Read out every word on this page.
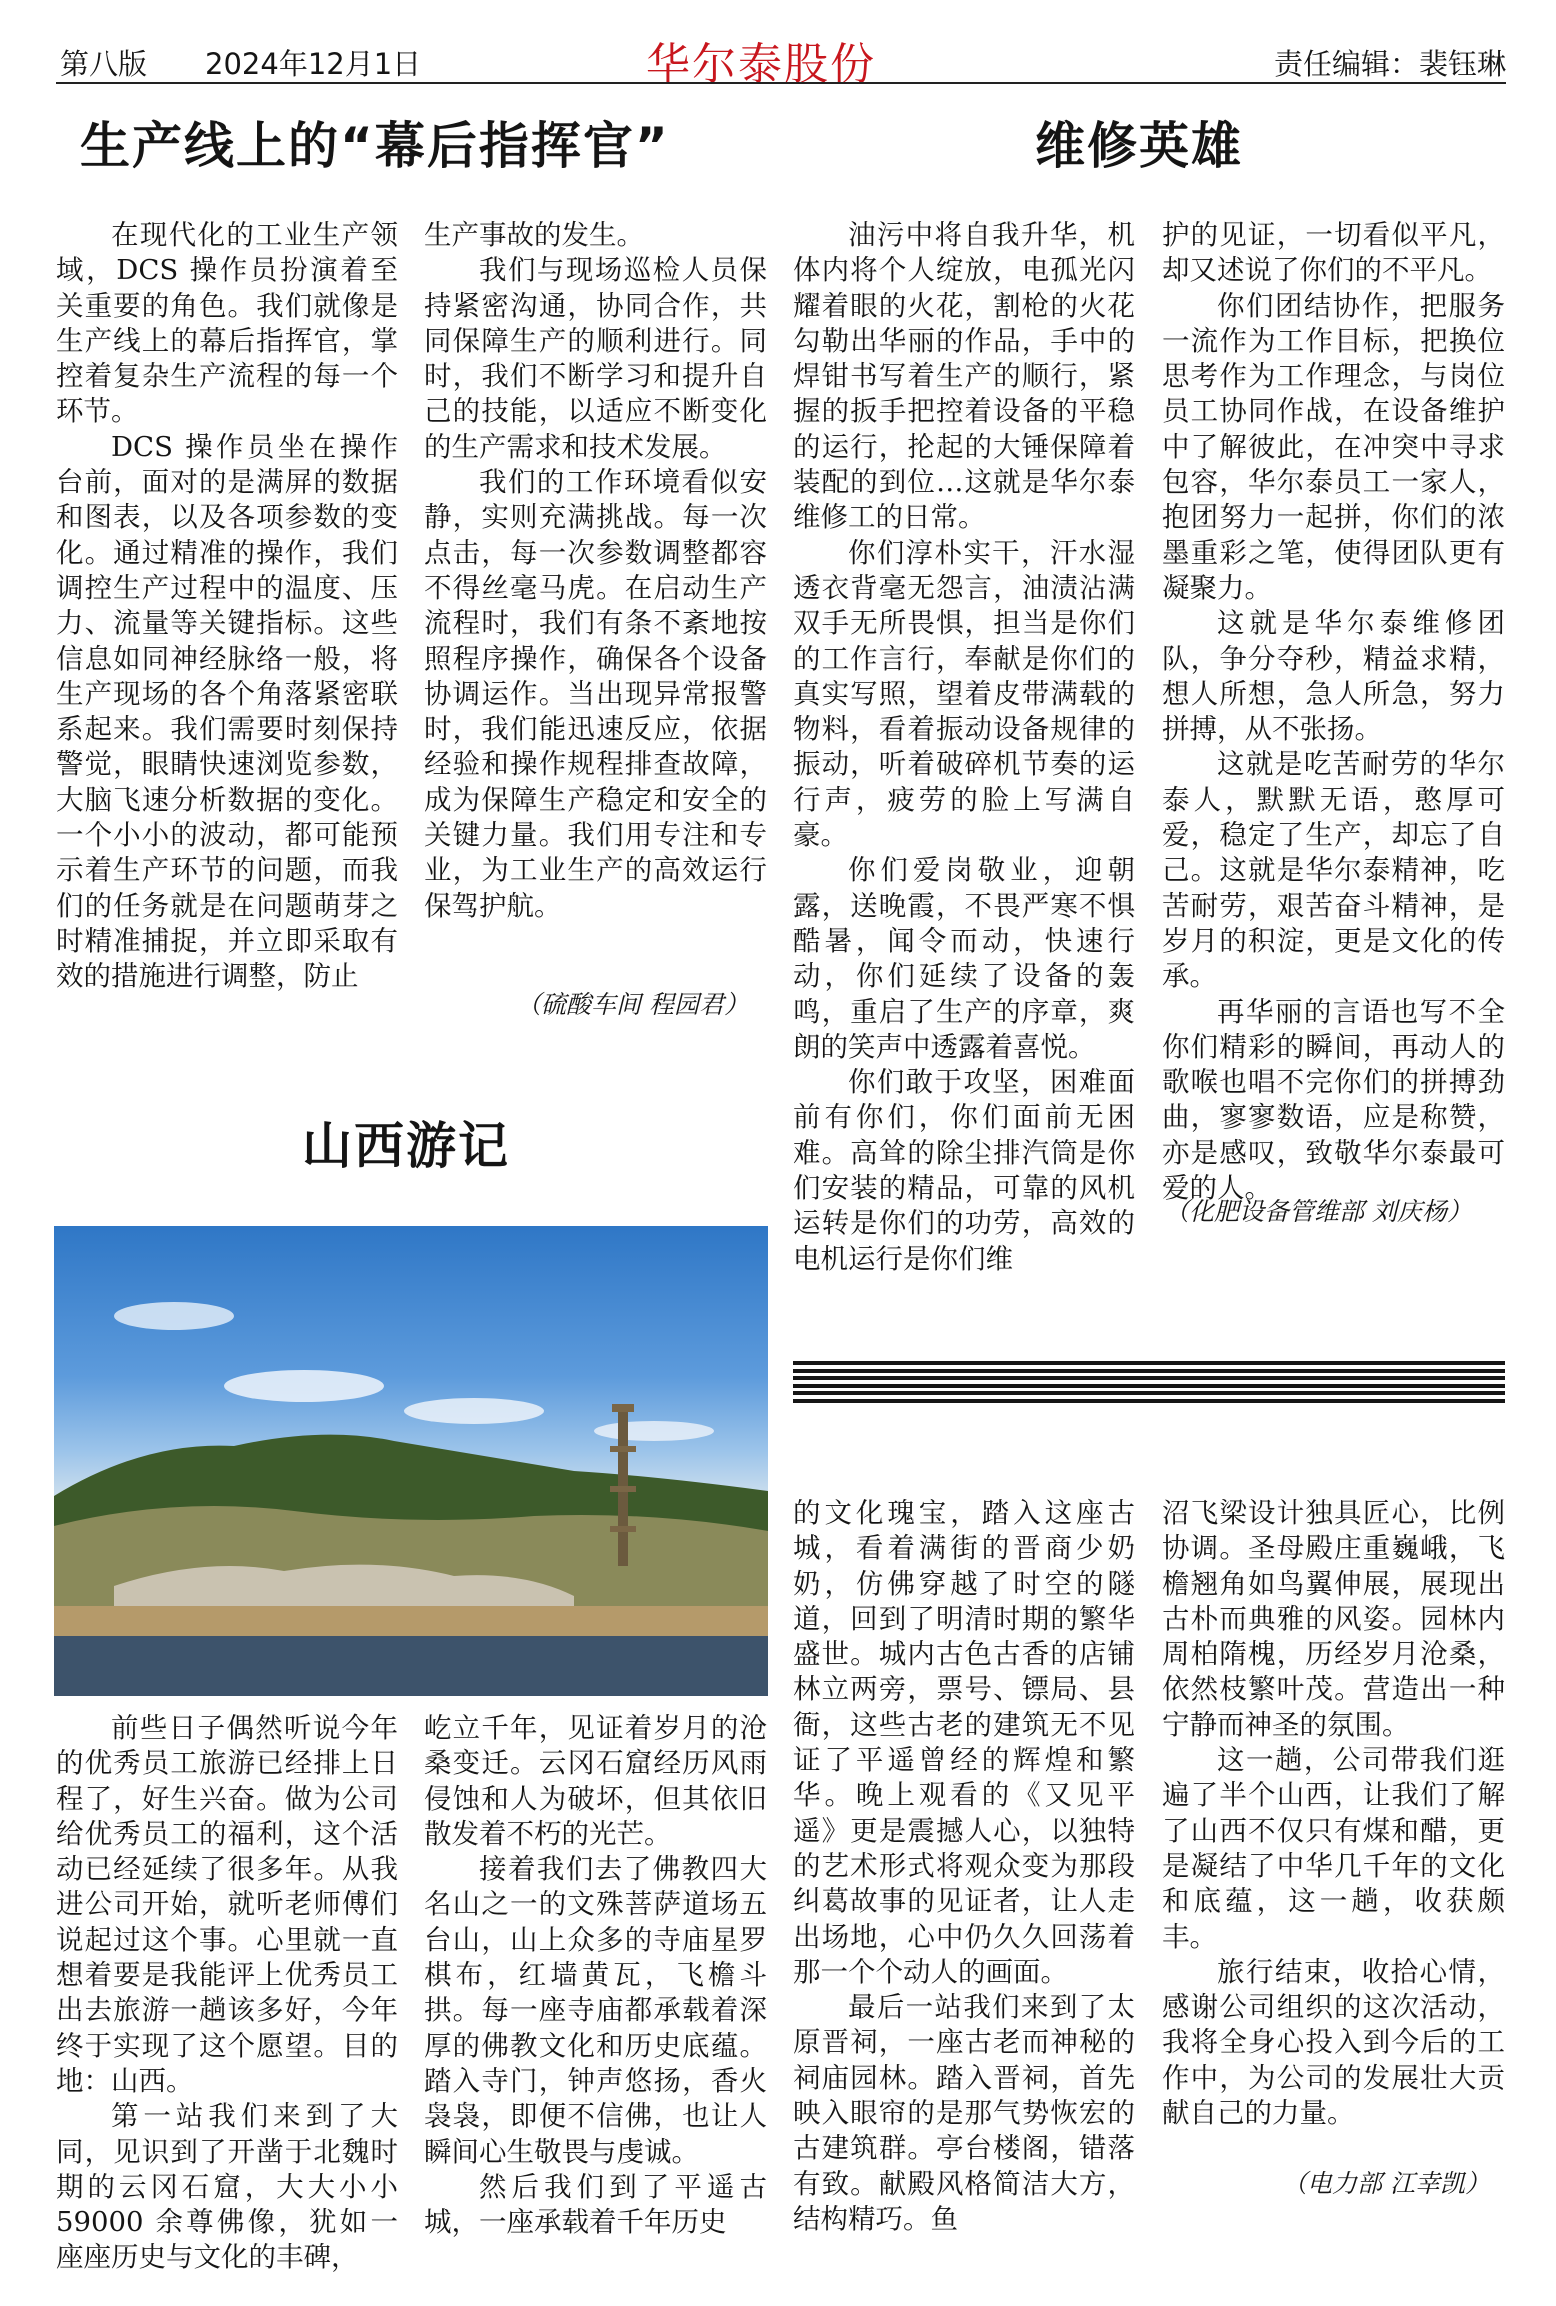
第八版 2024年12月1日	华尔泰股份	责任编辑：裴钰琳
生产线上的“幕后指挥官”

在现代化的工业生产领域，DCS 操作员扮演着至关重要的角色。我们就像是生产线上的幕后指挥官，掌控着复杂生产流程的每一个环节。

DCS 操作员坐在操作台前，面对的是满屏的数据和图表，以及各项参数的变化。通过精准的操作，我们调控生产过程中的温度、压力、流量等关键指标。这些信息如同神经脉络一般，将生产现场的各个角落紧密联系起来。我们需要时刻保持警觉，眼睛快速浏览参数，大脑飞速分析数据的变化。一个小小的波动，都可能预示着生产环节的问题，而我们的任务就是在问题萌芽之时精准捕捉，并立即采取有效的措施进行调整，防止

生产事故的发生。

我们与现场巡检人员保持紧密沟通，协同合作，共同保障生产的顺利进行。同时，我们不断学习和提升自己的技能，以适应不断变化的生产需求和技术发展。

我们的工作环境看似安静，实则充满挑战。每一次点击，每一次参数调整都容不得丝毫马虎。在启动生产流程时，我们有条不紊地按照程序操作，确保各个设备协调运作。当出现异常报警时，我们能迅速反应，依据经验和操作规程排查故障，成为保障生产稳定和安全的关键力量。我们用专注和专业，为工业生产的高效运行保驾护航。

（硫酸车间 程园君）
维修英雄

油污中将自我升华，机体内将个人绽放，电孤光闪耀着眼的火花，割枪的火花勾勒出华丽的作品，手中的焊钳书写着生产的顺行，紧握的扳手把控着设备的平稳的运行，抡起的大锤保障着装配的到位…这就是华尔泰维修工的日常。

你们淳朴实干，汗水湿透衣背毫无怨言，油渍沾满双手无所畏惧，担当是你们的工作言行，奉献是你们的真实写照，望着皮带满载的物料，看着振动设备规律的振动，听着破碎机节奏的运行声，疲劳的脸上写满自豪。

你们爱岗敬业，迎朝露，送晚霞，不畏严寒不惧酷暑，闻令而动，快速行动，你们延续了设备的轰鸣，重启了生产的序章，爽朗的笑声中透露着喜悦。

你们敢于攻坚，困难面前有你们，你们面前无困难。高耸的除尘排汽筒是你们安装的精品，可靠的风机运转是你们的功劳，高效的电机运行是你们维

护的见证，一切看似平凡，却又述说了你们的不平凡。

你们团结协作，把服务一流作为工作目标，把换位思考作为工作理念，与岗位员工协同作战，在设备维护中了解彼此，在冲突中寻求包容，华尔泰员工一家人，抱团努力一起拼，你们的浓墨重彩之笔，使得团队更有凝聚力。

这就是华尔泰维修团队，争分夺秒，精益求精，想人所想，急人所急，努力拼搏，从不张扬。

这就是吃苦耐劳的华尔泰人，默默无语，憨厚可爱，稳定了生产，却忘了自己。这就是华尔泰精神，吃苦耐劳，艰苦奋斗精神，是岁月的积淀，更是文化的传承。

再华丽的言语也写不全你们精彩的瞬间，再动人的歌喉也唱不完你们的拼搏劲曲，寥寥数语，应是称赞，亦是感叹，致敬华尔泰最可爱的人。

（化肥设备管维部 刘庆杨）
山西游记

前些日子偶然听说今年的优秀员工旅游已经排上日程了，好生兴奋。做为公司给优秀员工的福利，这个活动已经延续了很多年。从我进公司开始，就听老师傅们说起过这个事。心里就一直想着要是我能评上优秀员工出去旅游一趟该多好，今年终于实现了这个愿望。目的地：山西。

第一站我们来到了大同，见识到了开凿于北魏时期的云冈石窟，大大小小 59000 余尊佛像，犹如一座座历史与文化的丰碑，

屹立千年，见证着岁月的沧桑变迁。云冈石窟经历风雨侵蚀和人为破坏，但其依旧散发着不朽的光芒。

接着我们去了佛教四大名山之一的文殊菩萨道场五台山，山上众多的寺庙星罗棋布，红墙黄瓦，飞檐斗拱。每一座寺庙都承载着深厚的佛教文化和历史底蕴。踏入寺门，钟声悠扬，香火袅袅，即便不信佛，也让人瞬间心生敬畏与虔诚。

然后我们到了平遥古城，一座承载着千年历史

的文化瑰宝，踏入这座古城，看着满街的晋商少奶奶，仿佛穿越了时空的隧道，回到了明清时期的繁华盛世。城内古色古香的店铺林立两旁，票号、镖局、县衙，这些古老的建筑无不见证了平遥曾经的辉煌和繁华。晚上观看的《又见平遥》更是震撼人心，以独特的艺术形式将观众变为那段纠葛故事的见证者，让人走出场地，心中仍久久回荡着那一个个动人的画面。

最后一站我们来到了太原晋祠，一座古老而神秘的祠庙园林。踏入晋祠，首先映入眼帘的是那气势恢宏的古建筑群。亭台楼阁，错落有致。献殿风格简洁大方，结构精巧。鱼

沼飞梁设计独具匠心，比例协调。圣母殿庄重巍峨，飞檐翘角如鸟翼伸展，展现出古朴而典雅的风姿。园林内周柏隋槐，历经岁月沧桑，依然枝繁叶茂。营造出一种宁静而神圣的氛围。

这一趟，公司带我们逛遍了半个山西，让我们了解了山西不仅只有煤和醋，更是凝结了中华几千年的文化和底蕴，这一趟，收获颇丰。

旅行结束，收拾心情，感谢公司组织的这次活动，我将全身心投入到今后的工作中，为公司的发展壮大贡献自己的力量。

（电力部 江幸凯）
